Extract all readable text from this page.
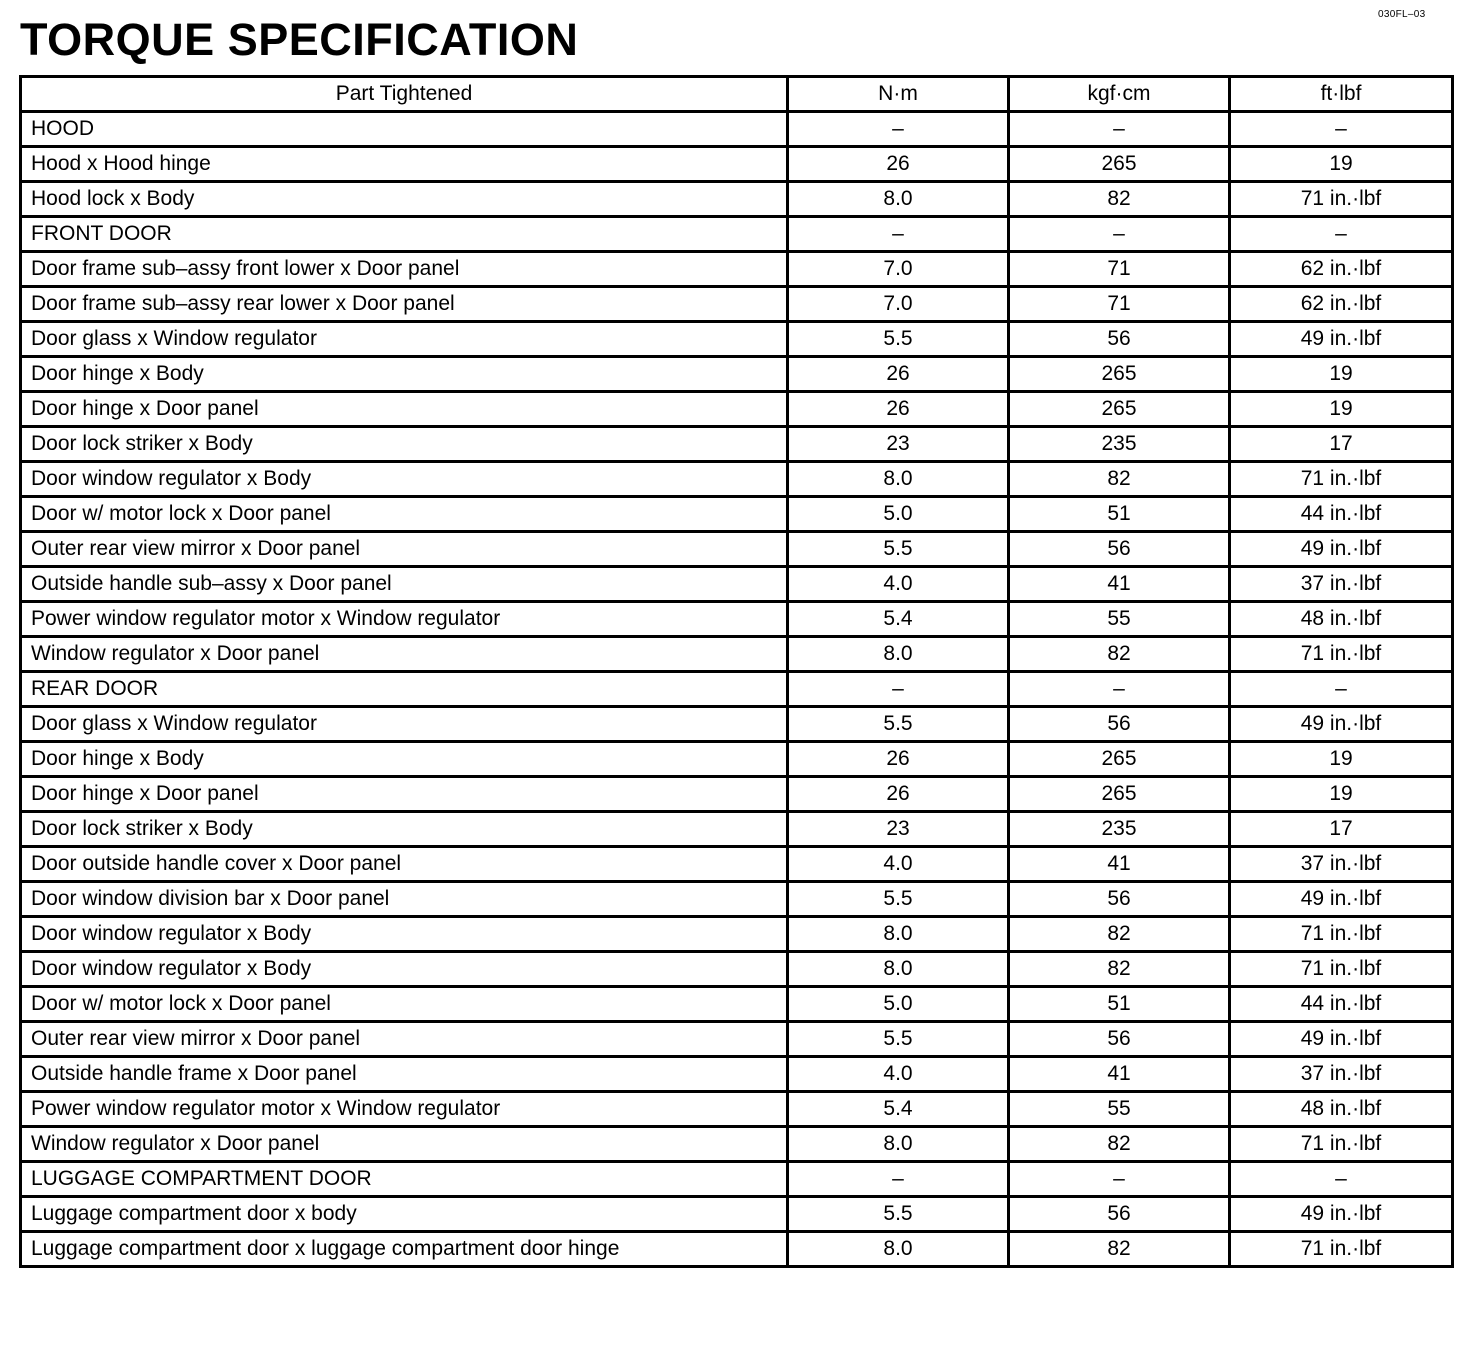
030FL–03
TORQUE SPECIFICATION
Part Tightened	N·m	kgf·cm	ft·lbf
HOOD	–	–	–
Hood x Hood hinge	26	265	19
Hood lock x Body	8.0	82	71 in.·lbf
FRONT DOOR	–	–	–
Door frame sub–assy front lower x Door panel	7.0	71	62 in.·lbf
Door frame sub–assy rear lower x Door panel	7.0	71	62 in.·lbf
Door glass x Window regulator	5.5	56	49 in.·lbf
Door hinge x Body	26	265	19
Door hinge x Door panel	26	265	19
Door lock striker x Body	23	235	17
Door window regulator x Body	8.0	82	71 in.·lbf
Door w/ motor lock x Door panel	5.0	51	44 in.·lbf
Outer rear view mirror x Door panel	5.5	56	49 in.·lbf
Outside handle sub–assy x Door panel	4.0	41	37 in.·lbf
Power window regulator motor x Window regulator	5.4	55	48 in.·lbf
Window regulator x Door panel	8.0	82	71 in.·lbf
REAR DOOR	–	–	–
Door glass x Window regulator	5.5	56	49 in.·lbf
Door hinge x Body	26	265	19
Door hinge x Door panel	26	265	19
Door lock striker x Body	23	235	17
Door outside handle cover x Door panel	4.0	41	37 in.·lbf
Door window division bar x Door panel	5.5	56	49 in.·lbf
Door window regulator x Body	8.0	82	71 in.·lbf
Door window regulator x Body	8.0	82	71 in.·lbf
Door w/ motor lock x Door panel	5.0	51	44 in.·lbf
Outer rear view mirror x Door panel	5.5	56	49 in.·lbf
Outside handle frame x Door panel	4.0	41	37 in.·lbf
Power window regulator motor x Window regulator	5.4	55	48 in.·lbf
Window regulator x Door panel	8.0	82	71 in.·lbf
LUGGAGE COMPARTMENT DOOR	–	–	–
Luggage compartment door x body	5.5	56	49 in.·lbf
Luggage compartment door x luggage compartment door hinge	8.0	82	71 in.·lbf
